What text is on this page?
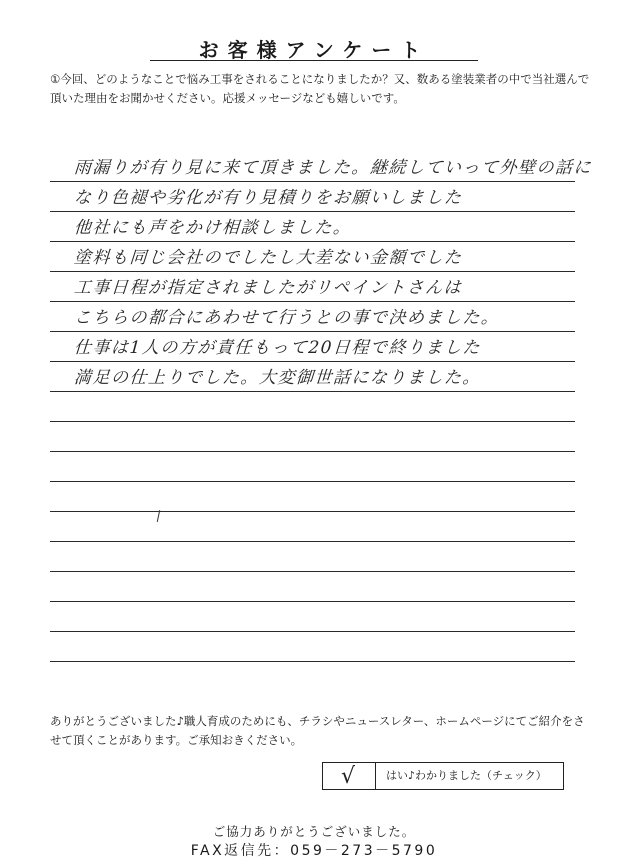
お客様アンケート
①今回、どのようなことで悩み工事をされることになりましたか？又、数ある塗装業者の中で当社選んで頂いた理由をお聞かせください。応援メッセージなども嬉しいです。
雨漏りが有り見に来て頂きました。継続していって外壁の話に
なり色褪や劣化が有り見積りをお願いしました
他社にも声をかけ相談しました。
塗料も同じ会社のでしたし大差ない金額でした
工事日程が指定されましたがリペイントさんは
こちらの都合にあわせて行うとの事で決めました。
仕事は1人の方が責任もって20日程で終りました
満足の仕上りでした。大変御世話になりました。
ありがとうございました♪職人育成のためにも、チラシやニュースレター、ホームページにてご紹介をさせて頂くことがあります。ご承知おきください。
√	はい♪わかりました（チェック）
ご協力ありがとうございました。
FAX返信先：059－273－5790
